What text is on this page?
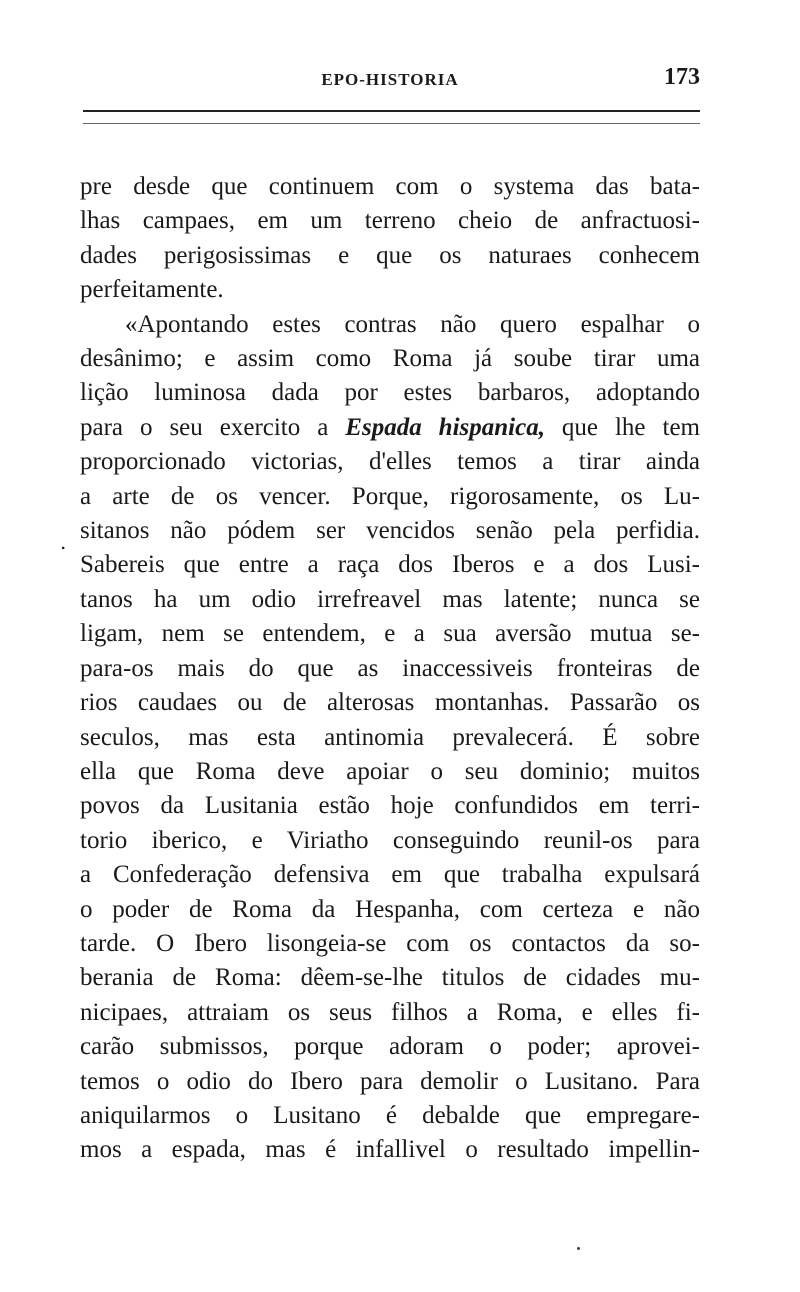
EPO-HISTORIA	173
.
pre desde que continuem com o systema das bata-
lhas campaes, em um terreno cheio de anfractuosi-
dades perigosissimas e que os naturaes conhecem
perfeitamente.
«Apontando estes contras não quero espalhar o
desânimo; e assim como Roma já soube tirar uma
lição luminosa dada por estes barbaros, adoptando
para o seu exercito a Espada hispanica, que lhe tem
proporcionado victorias, d'elles temos a tirar ainda
a arte de os vencer. Porque, rigorosamente, os Lu-
sitanos não pódem ser vencidos senão pela perfidia.
Sabereis que entre a raça dos Iberos e a dos Lusi-
tanos ha um odio irrefreavel mas latente; nunca se
ligam, nem se entendem, e a sua aversão mutua se-
para-os mais do que as inaccessiveis fronteiras de
rios caudaes ou de alterosas montanhas. Passarão os
seculos, mas esta antinomia prevalecerá. É sobre
ella que Roma deve apoiar o seu dominio; muitos
povos da Lusitania estão hoje confundidos em terri-
torio iberico, e Viriatho conseguindo reunil-os para
a Confederação defensiva em que trabalha expulsará
o poder de Roma da Hespanha, com certeza e não
tarde. O Ibero lisongeia-se com os contactos da so-
berania de Roma: dêem-se-lhe titulos de cidades mu-
nicipaes, attraiam os seus filhos a Roma, e elles fi-
carão submissos, porque adoram o poder; aprovei-
temos o odio do Ibero para demolir o Lusitano. Para
aniquilarmos o Lusitano é debalde que empregare-
mos a espada, mas é infallivel o resultado impellin-
